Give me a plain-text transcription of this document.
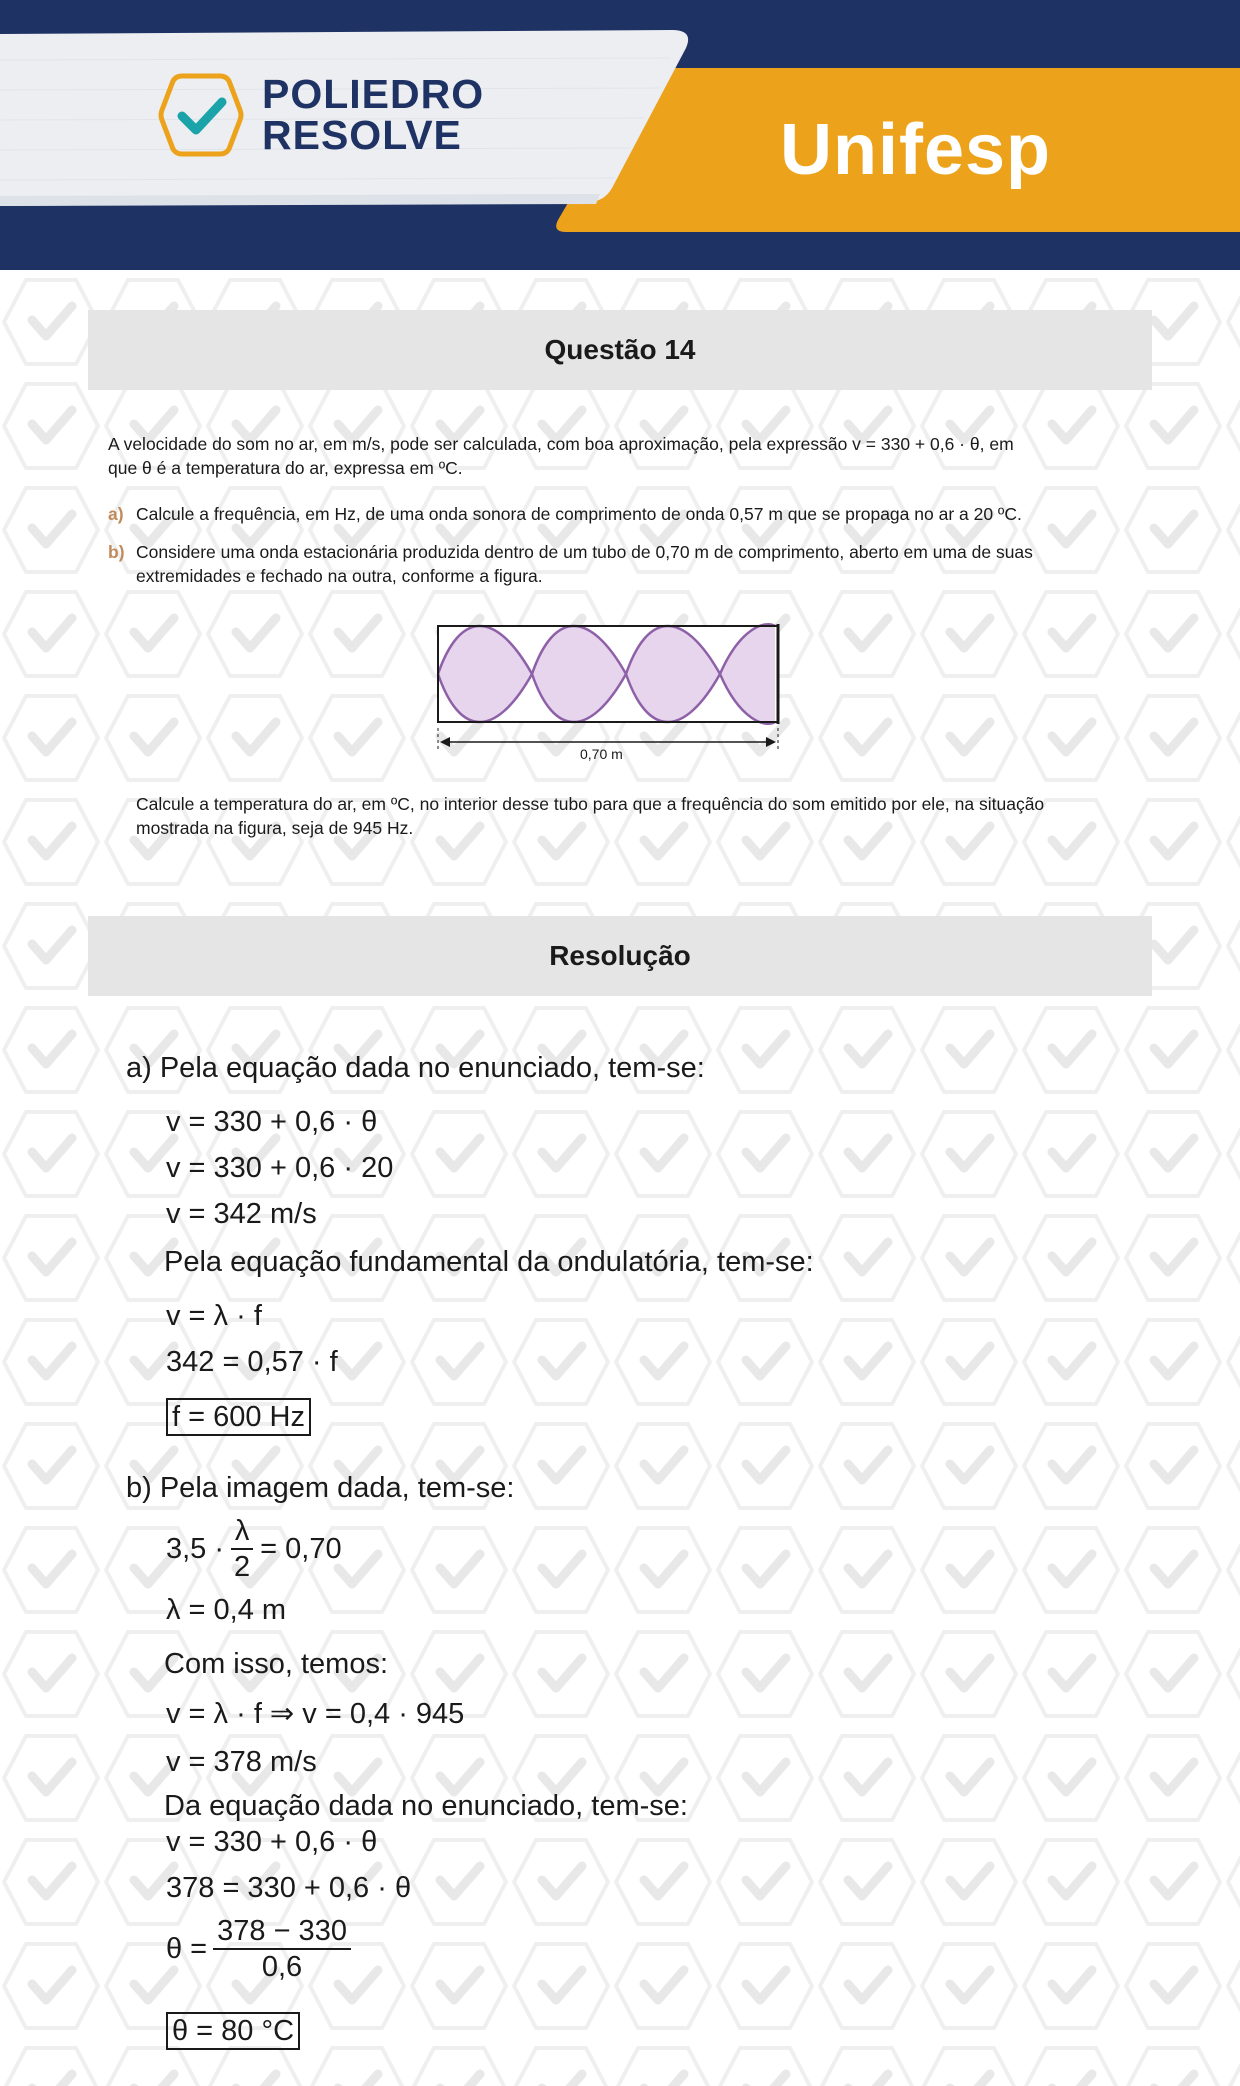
POLIEDRO
RESOLVE	Unifesp
Questão 14
A velocidade do som no ar, em m/s, pode ser calculada, com boa aproximação, pela expressão v = 330 + 0,6 · θ, em
que θ é a temperatura do ar, expressa em ºC.
a) Calcule a frequência, em Hz, de uma onda sonora de comprimento de onda 0,57 m que se propaga no ar a 20 ºC.
b) Considere uma onda estacionária produzida dentro de um tubo de 0,70 m de comprimento, aberto em uma de suas
extremidades e fechado na outra, conforme a figura.
0,70 m
Calcule a temperatura do ar, em ºC, no interior desse tubo para que a frequência do som emitido por ele, na situação
mostrada na figura, seja de 945 Hz.
Resolução
a) Pela equação dada no enunciado, tem-se:
v = 330 + 0,6 · θ
v = 330 + 0,6 · 20
v = 342 m/s
Pela equação fundamental da ondulatória, tem-se:
v = λ · f
342 = 0,57 · f
f = 600 Hz
b) Pela imagem dada, tem-se:
$3,5 \cdot \frac{\lambda}{2} = 0,70$
λ = 0,4 m
Com isso, temos:
v = λ · f ⇒ v = 0,4 · 945
v = 378 m/s
Da equação dada no enunciado, tem-se:
v = 330 + 0,6 · θ
378 = 330 + 0,6 · θ
$\theta = \frac{378 - 330}{0,6}$
θ = 80 °C
